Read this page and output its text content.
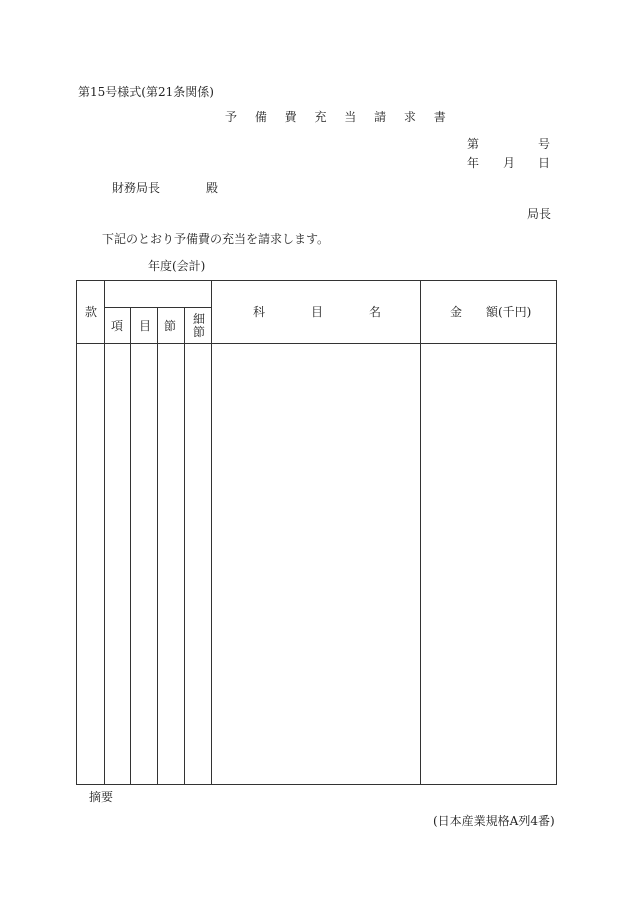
第15号様式(第21条関係)
予 備 費 充 当 請 求 書
第	号
年 月 日
財務局長	殿
局長
下記のとおり予備費の充当を請求します。
年度(会計)
款
項 目 節 細節
科目名 金　　額(千円)
摘要
(日本産業規格A列4番)
